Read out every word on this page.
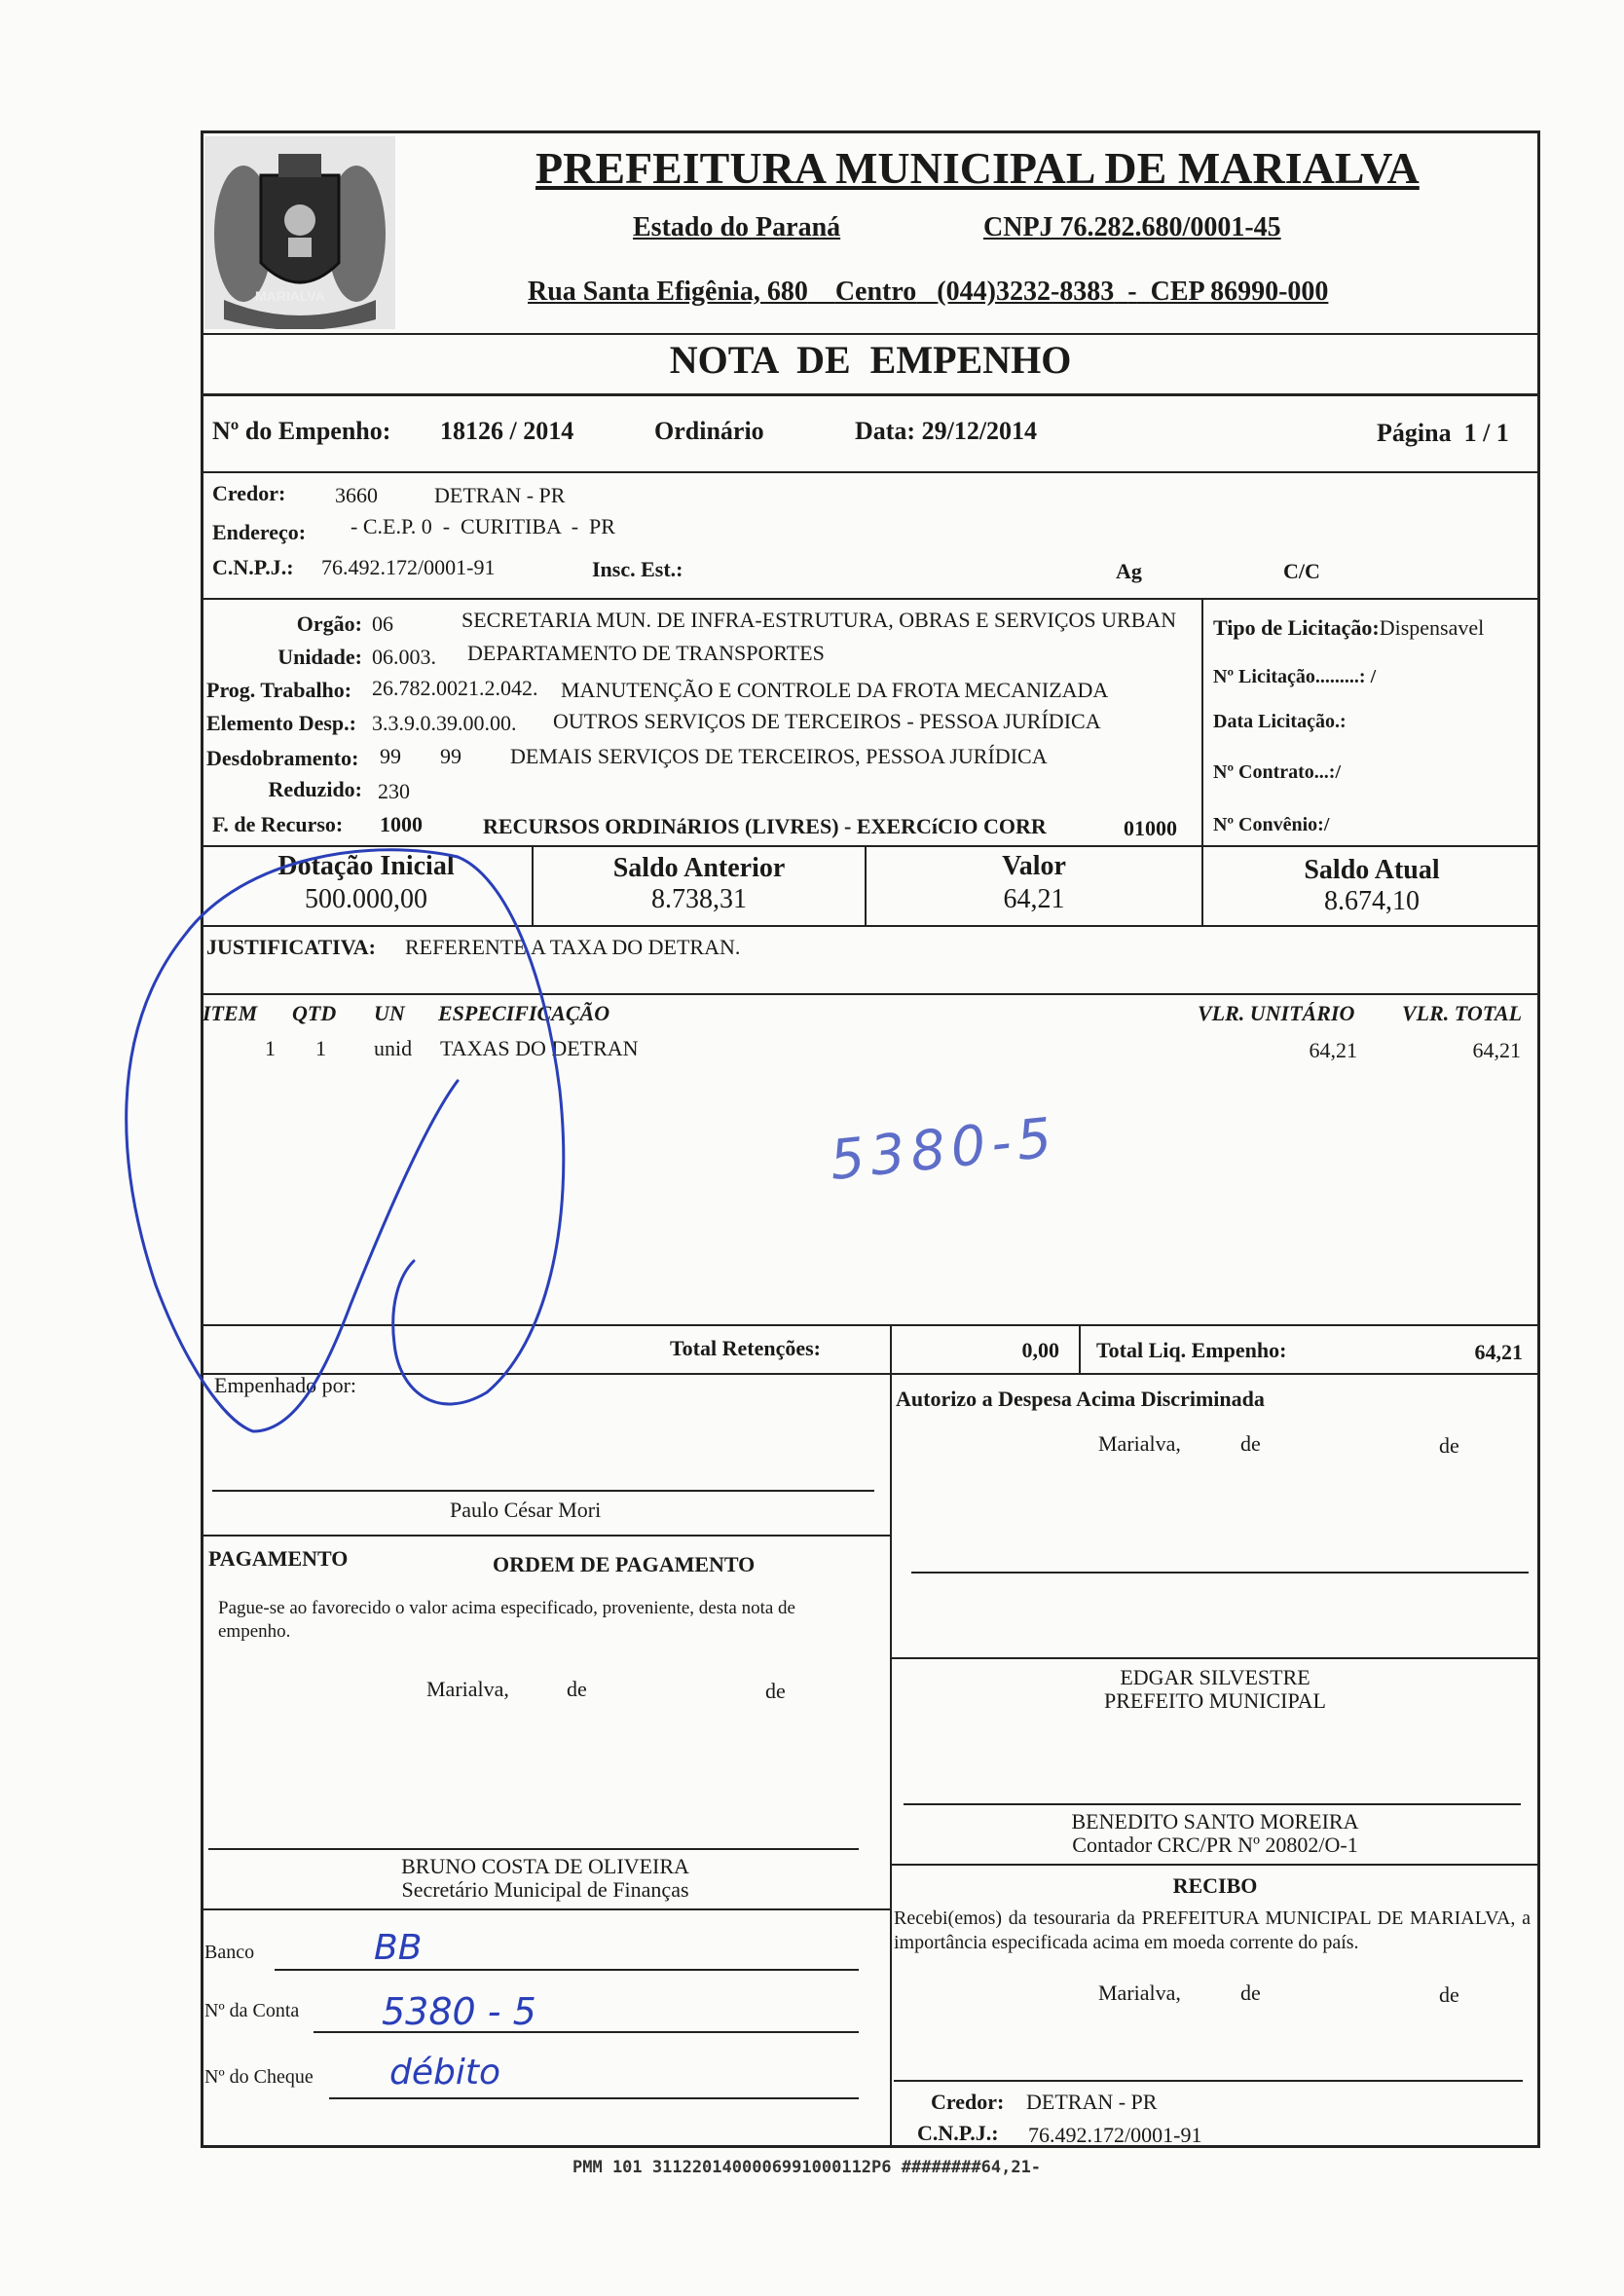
MARIALVA
PREFEITURA MUNICIPAL DE MARIALVA
Estado do Paraná	CNPJ 76.282.680/0001-45
Rua Santa Efigênia, 680 Centro (044)3232-8383 - CEP 86990-000
NOTA  DE  EMPENHO
Nº do Empenho: 18126 / 2014	Ordinário	Data: 29/12/2014	Página  1 / 1
Credor: 3660	DETRAN - PR
Endereço: - C.E.P. 0  -  CURITIBA  -  PR
C.N.P.J.: 76.492.172/0001-91	Insc. Est.:	Ag	C/C
Orgão: 06	SECRETARIA MUN. DE INFRA-ESTRUTURA, OBRAS E SERVIÇOS URBAN
Unidade: 06.003. DEPARTAMENTO DE TRANSPORTES
Prog. Trabalho: 26.782.0021.2.042. MANUTENÇÃO E CONTROLE DA FROTA MECANIZADA
Elemento Desp.: 3.3.9.0.39.00.00. OUTROS SERVIÇOS DE TERCEIROS - PESSOA JURÍDICA
Desdobramento: 99 99 DEMAIS SERVIÇOS DE TERCEIROS, PESSOA JURÍDICA
Reduzido: 230
F. de Recurso: 1000	RECURSOS ORDINáRIOS (LIVRES) - EXERCíCIO CORR	01000
Tipo de Licitação:Dispensavel
Nº Licitação.........: /
Data Licitação.:
Nº Contrato...:/
Nº Convênio:/
Dotação Inicial
500.000,00
Saldo Anterior
8.738,31
Valor
64,21
Saldo Atual
8.674,10
JUSTIFICATIVA: REFERENTE A TAXA DO DETRAN.
ITEM QTD UN ESPECIFICAÇÃO	VLR. UNITÁRIO VLR. TOTAL
1 1 unid TAXAS DO DETRAN	64,21	64,21
5380-5
Total Retenções:	0,00 Total Liq. Empenho:	64,21
Empenhado por:
Paulo César Mori
Autorizo a Despesa Acima Discriminada
Marialva,	de	de
PAGAMENTO	ORDEM DE PAGAMENTO
Pague-se ao favorecido o valor acima especificado, proveniente, desta nota de empenho.
Marialva,	de	de
EDGAR SILVESTRE
PREFEITO MUNICIPAL
BENEDITO SANTO MOREIRA
Contador CRC/PR Nº 20802/O-1
BRUNO COSTA DE OLIVEIRA
Secretário Municipal de Finanças	RECIBO
Recebi(emos) da tesouraria da PREFEITURA MUNICIPAL DE MARIALVA, a importância especificada acima em moeda corrente do país.
Marialva,	de	de
Credor: DETRAN - PR
C.N.P.J.: 76.492.172/0001-91
Banco	BB
Nº da Conta 5380 - 5
Nº do Cheque débito
PMM 101 3112201400006991000112P6 ########64,21-
